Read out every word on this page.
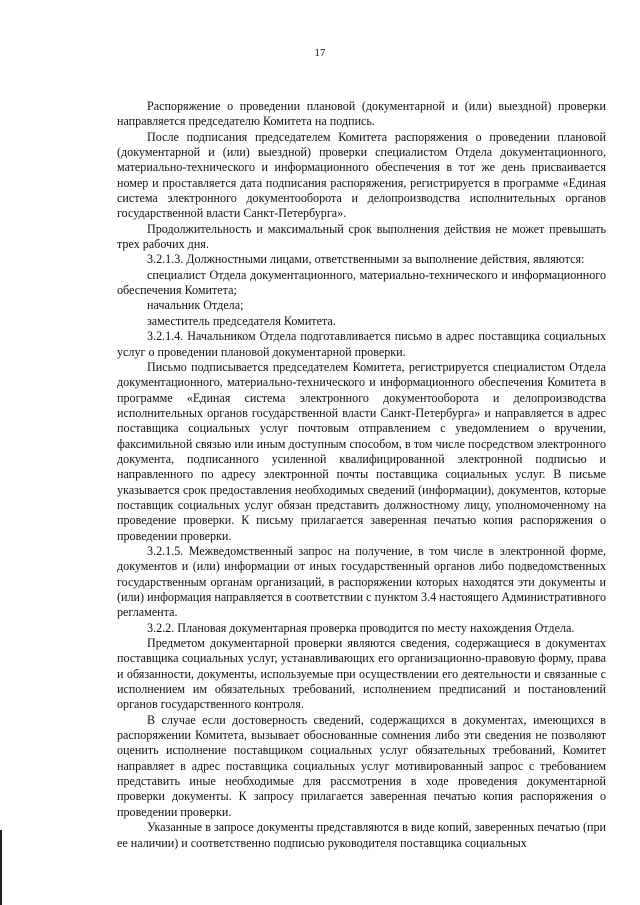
17

Распоряжение о проведении плановой (документарной и (или) выездной) проверки направляется председателю Комитета на подпись.

После подписания председателем Комитета распоряжения о проведении плановой (документарной и (или) выездной) проверки специалистом Отдела документационного, материально-технического и информационного обеспечения в тот же день присваивается номер и проставляется дата подписания распоряжения, регистрируется в программе «Единая система электронного документооборота и делопроизводства исполнительных органов государственной власти Санкт-Петербурга».

Продолжительность и максимальный срок выполнения действия не может превышать трех рабочих дня.

3.2.1.3. Должностными лицами, ответственными за выполнение действия, являются:

специалист Отдела документационного, материально-технического и информационного обеспечения Комитета;

начальник Отдела;

заместитель председателя Комитета.

3.2.1.4. Начальником Отдела подготавливается письмо в адрес поставщика социальных услуг о проведении плановой документарной проверки.

Письмо подписывается председателем Комитета, регистрируется специалистом Отдела документационного, материально-технического и информационного обеспечения Комитета в программе «Единая система электронного документооборота и делопроизводства исполнительных органов государственной власти Санкт-Петербурга» и направляется в адрес поставщика социальных услуг почтовым отправлением с уведомлением о вручении, факсимильной связью или иным доступным способом, в том числе посредством электронного документа, подписанного усиленной квалифицированной электронной подписью и направленного по адресу электронной почты поставщика социальных услуг. В письме указывается срок предоставления необходимых сведений (информации), документов, которые поставщик социальных услуг обязан представить должностному лицу, уполномоченному на проведение проверки. К письму прилагается заверенная печатью копия распоряжения о проведении проверки.

3.2.1.5. Межведомственный запрос на получение, в том числе в электронной форме, документов и (или) информации от иных государственный органов либо подведомственных государственным органам организаций, в распоряжении которых находятся эти документы и (или) информация направляется в соответствии с пунктом 3.4 настоящего Административного регламента.

3.2.2. Плановая документарная проверка проводится по месту нахождения Отдела.

Предметом документарной проверки являются сведения, содержащиеся в документах поставщика социальных услуг, устанавливающих его организационно-правовую форму, права и обязанности, документы, используемые при осуществлении его деятельности и связанные с исполнением им обязательных требований, исполнением предписаний и постановлений органов государственного контроля.

В случае если достоверность сведений, содержащихся в документах, имеющихся в распоряжении Комитета, вызывает обоснованные сомнения либо эти сведения не позволяют оценить исполнение поставщиком социальных услуг обязательных требований, Комитет направляет в адрес поставщика социальных услуг мотивированный запрос с требованием представить иные необходимые для рассмотрения в ходе проведения документарной проверки документы. К запросу прилагается заверенная печатью копия распоряжения о проведении проверки.

Указанные в запросе документы представляются в виде копий, заверенных печатью (при ее наличии) и соответственно подписью руководителя поставщика социальных
